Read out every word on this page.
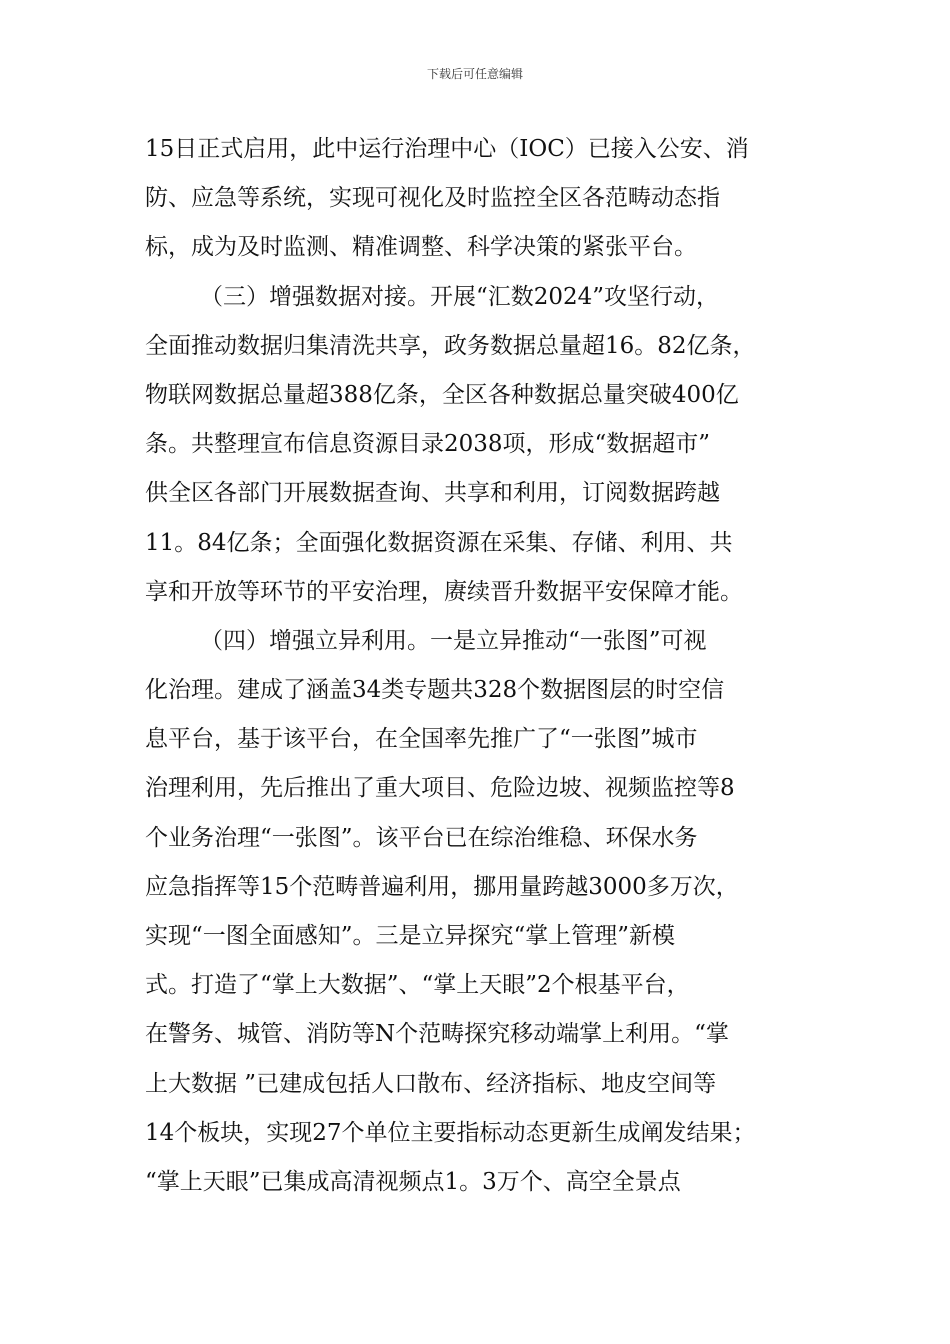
下载后可任意编辑
15日正式启用，此中运行治理中心（IOC）已接入公安、消
防、应急等系统，实现可视化及时监控全区各范畴动态指
标，成为及时监测、精准调整、科学决策的紧张平台。
（三）增强数据对接。开展“汇数2024”攻坚行动，
全面推动数据归集清洗共享，政务数据总量超16。82亿条，
物联网数据总量超388亿条，全区各种数据总量突破400亿
条。共整理宣布信息资源目录2038项，形成“数据超市”
供全区各部门开展数据查询、共享和利用，订阅数据跨越
11。84亿条；全面强化数据资源在采集、存储、利用、共
享和开放等环节的平安治理，赓续晋升数据平安保障才能。
（四）增强立异利用。一是立异推动“一张图”可视
化治理。建成了涵盖34类专题共328个数据图层的时空信
息平台，基于该平台，在全国率先推广了“一张图”城市
治理利用，先后推出了重大项目、危险边坡、视频监控等8
个业务治理“一张图”。该平台已在综治维稳、环保水务
应急指挥等15个范畴普遍利用，挪用量跨越3000多万次，
实现“一图全面感知”。三是立异探究“掌上管理”新模
式。打造了“掌上大数据”、“掌上天眼”2个根基平台，
在警务、城管、消防等N个范畴探究移动端掌上利用。“掌
上大数据 ”已建成包括人口散布、经济指标、地皮空间等
14个板块，实现27个单位主要指标动态更新生成阐发结果；
“掌上天眼”已集成高清视频点1。3万个、高空全景点
